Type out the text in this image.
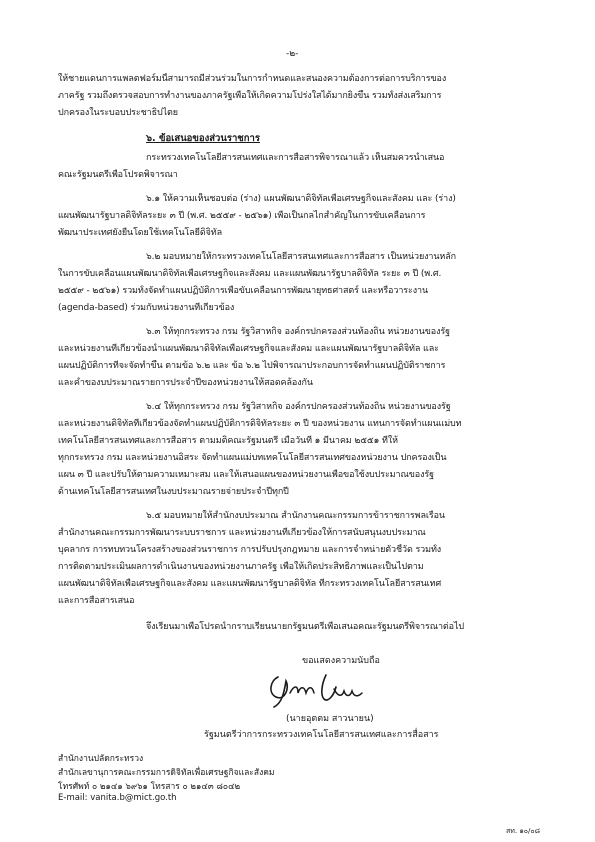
-๒-
ให้ชายแดนการแพลตฟอร์มนี้สามารถมีส่วนร่วมในการกำหนดและสนองความต้องการต่อการบริการของ
ภาครัฐ รวมถึงตรวจสอบการทำงานของภาครัฐเพื่อให้เกิดความโปร่งใสได้มากยิ่งขึ้น รวมทั้งส่งเสริมการ
ปกครองในระบอบประชาธิปไตย
๖. ข้อเสนอของส่วนราชการ
กระทรวงเทคโนโลยีสารสนเทศและการสื่อสารพิจารณาแล้ว เห็นสมควรนำเสนอ
คณะรัฐมนตรีเพื่อโปรดพิจารณา
๖.๑ ให้ความเห็นชอบต่อ (ร่าง) แผนพัฒนาดิจิทัลเพื่อเศรษฐกิจและสังคม และ (ร่าง)
แผนพัฒนารัฐบาลดิจิทัลระยะ ๓ ปี (พ.ศ. ๒๕๕๙ - ๒๕๖๑) เพื่อเป็นกลไกสำคัญในการขับเคลื่อนการ
พัฒนาประเทศยั่งยืนโดยใช้เทคโนโลยีดิจิทัล
๖.๒ มอบหมายให้กระทรวงเทคโนโลยีสารสนเทศและการสื่อสาร เป็นหน่วยงานหลัก
ในการขับเคลื่อนแผนพัฒนาดิจิทัลเพื่อเศรษฐกิจและสังคม และแผนพัฒนารัฐบาลดิจิทัล ระยะ ๓ ปี (พ.ศ.
๒๕๕๙ - ๒๕๖๑) รวมทั้งจัดทำแผนปฏิบัติการเพื่อขับเคลื่อนการพัฒนายุทธศาสตร์ และหรือวาระงาน
(agenda-based) ร่วมกับหน่วยงานที่เกี่ยวข้อง
๖.๓ ให้ทุกกระทรวง กรม รัฐวิสาหกิจ องค์กรปกครองส่วนท้องถิ่น หน่วยงานของรัฐ
และหน่วยงานที่เกี่ยวข้องนำแผนพัฒนาดิจิทัลเพื่อเศรษฐกิจและสังคม และแผนพัฒนารัฐบาลดิจิทัล และ
แผนปฏิบัติการที่จะจัดทำขึ้น ตามข้อ ๖.๒ และ ข้อ ๖.๒ ไปพิจารณาประกอบการจัดทำแผนปฏิบัติราชการ
และคำของบประมาณรายการประจำปีของหน่วยงานให้สอดคล้องกัน
๖.๔ ให้ทุกกระทรวง กรม รัฐวิสาหกิจ องค์กรปกครองส่วนท้องถิ่น หน่วยงานของรัฐ
และหน่วยงานดิจิทัลที่เกี่ยวข้องจัดทำแผนปฏิบัติการดิจิทัลระยะ ๓ ปี ของหน่วยงาน แทนการจัดทำแผนแม่บท
เทคโนโลยีสารสนเทศและการสื่อสาร ตามมติคณะรัฐมนตรี เมื่อวันที่ ๑ มีนาคม ๒๕๕๑ ที่ให้
ทุกกระทรวง กรม และหน่วยงานอิสระ จัดทำแผนแม่บทเทคโนโลยีสารสนเทศของหน่วยงาน ปกครองเป็น
แผน ๓ ปี และปรับให้ตามความเหมาะสม และให้เสนอแผนของหน่วยงานเพื่อขอใช้งบประมาณของรัฐ
ด้านเทคโนโลยีสารสนเทศในงบประมาณรายจ่ายประจำปีทุกปี
๖.๕ มอบหมายให้สำนักงบประมาณ สำนักงานคณะกรรมการข้าราชการพลเรือน
สำนักงานคณะกรรมการพัฒนาระบบราชการ และหน่วยงานที่เกี่ยวข้องให้การสนับสนุนงบประมาณ
บุคลากร การทบทวนโครงสร้างของส่วนราชการ การปรับปรุงกฎหมาย และการจำหน่ายตัวชี้วัด รวมทั้ง
การติดตามประเมินผลการดำเนินงานของหน่วยงานภาครัฐ เพื่อให้เกิดประสิทธิภาพและเป็นไปตาม
แผนพัฒนาดิจิทัลเพื่อเศรษฐกิจและสังคม และแผนพัฒนารัฐบาลดิจิทัล ที่กระทรวงเทคโนโลยีสารสนเทศ
และการสื่อสารเสนอ
จึงเรียนมาเพื่อโปรดนำกราบเรียนนายกรัฐมนตรีเพื่อเสนอคณะรัฐมนตรีพิจารณาต่อไป
ขอแสดงความนับถือ
(นายอุตตม สาวนายน)
รัฐมนตรีว่าการกระทรวงเทคโนโลยีสารสนเทศและการสื่อสาร
สำนักงานปลัดกระทรวง
สำนักเลขานุการคณะกรรมการดิจิทัลเพื่อเศรษฐกิจและสังคม
โทรศัพท์ ๐ ๒๑๔๑ ๖๙๖๑ โทรสาร ๐ ๒๑๔๓ ๘๐๔๒
E-mail: vanita.b@mict.go.th
สท. ๑๐/๐๘
